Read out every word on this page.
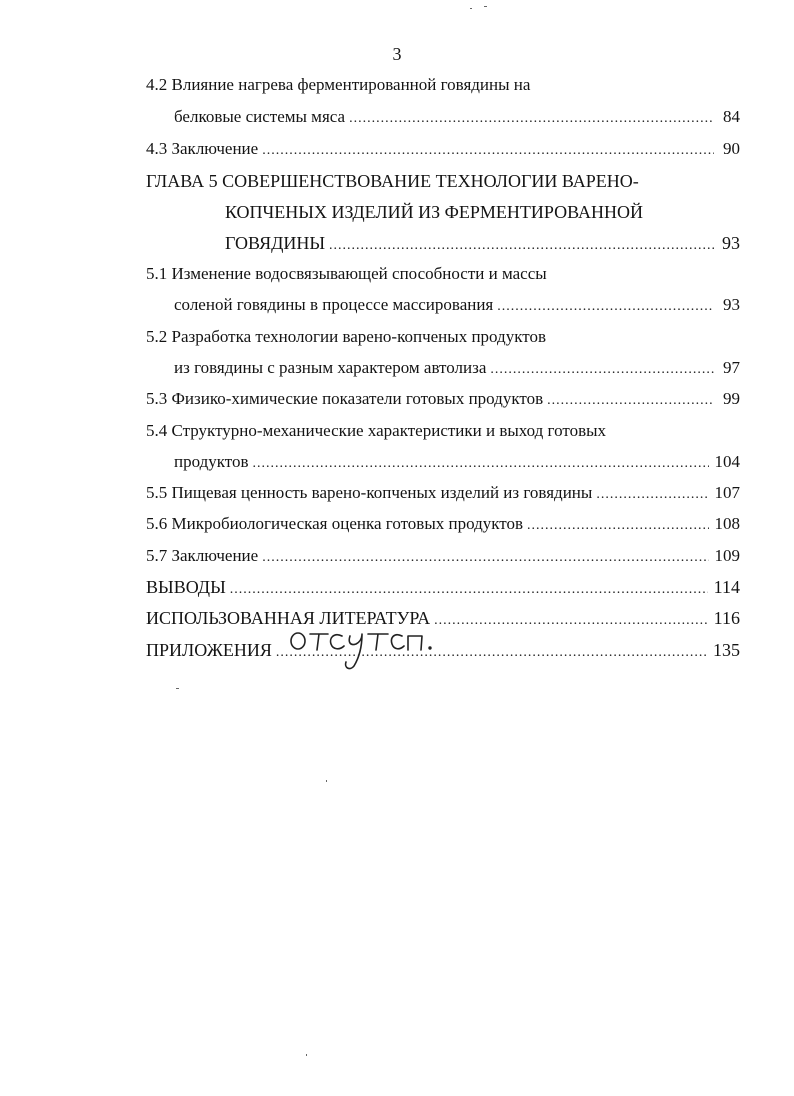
3
4.2 Влияние нагрева ферментированной говядины на
белковые системы мяса .....	84
4.3 Заключение .....	90
ГЛАВА 5 СОВЕРШЕНСТВОВАНИЕ ТЕХНОЛОГИИ ВАРЕНО-
КОПЧЕНЫХ ИЗДЕЛИЙ ИЗ ФЕРМЕНТИРОВАННОЙ
ГОВЯДИНЫ .....	93
5.1 Изменение водосвязывающей способности и массы
соленой говядины в процессе массирования .....	93
5.2 Разработка технологии варено-копченых продуктов
из говядины с разным характером автолиза .....	97
5.3 Физико-химические показатели готовых продуктов .....	99
5.4 Структурно-механические характеристики и выход готовых
продуктов .....	104
5.5 Пищевая ценность варено-копченых изделий из говядины .....	107
5.6 Микробиологическая оценка готовых продуктов .....	108
5.7 Заключение .....	109
ВЫВОДЫ .....	114
ИСПОЛЬЗОВАННАЯ ЛИТЕРАТУРА .....	116
ПРИЛОЖЕНИЯ .....	135
